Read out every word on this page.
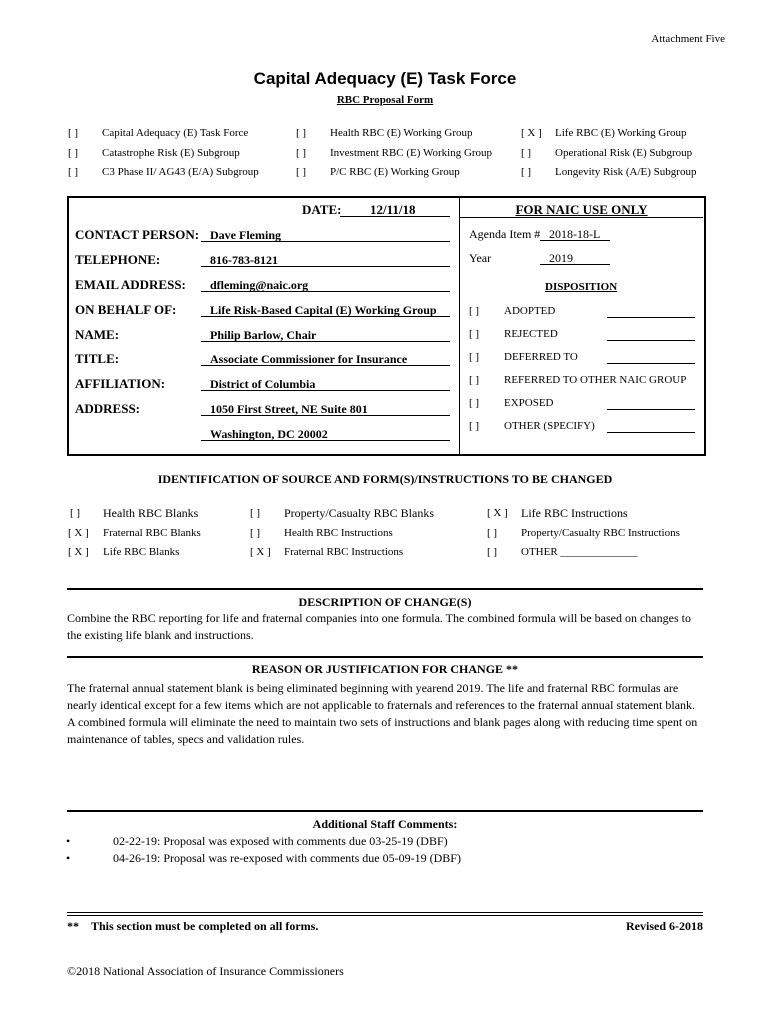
Attachment Five
Capital Adequacy (E) Task Force
RBC Proposal Form
[ ] Capital Adequacy (E) Task Force	[ ] Health RBC (E) Working Group	[ X ] Life RBC (E) Working Group
[ ] Catastrophe Risk (E) Subgroup	[ ] Investment RBC (E) Working Group	[ ] Operational Risk (E) Subgroup
[ ] C3 Phase II/ AG43 (E/A) Subgroup	[ ] P/C RBC (E) Working Group	[ ] Longevity Risk (A/E) Subgroup
DATE: 12/11/18
CONTACT PERSON: Dave Fleming
TELEPHONE:	816-783-8121
EMAIL ADDRESS: dfleming@naic.org
ON BEHALF OF:	Life Risk-Based Capital (E) Working Group
NAME:	Philip Barlow, Chair
TITLE:	Associate Commissioner for Insurance
AFFILIATION:	District of Columbia
ADDRESS:	1050 First Street, NE Suite 801
Washington, DC 20002
FOR NAIC USE ONLY
Agenda Item # 2018-18-L
Year	2019
DISPOSITION
[ ] ADOPTED
[ ] REJECTED
[ ] DEFERRED TO
[ ] REFERRED TO OTHER NAIC GROUP
[ ] EXPOSED
[ ] OTHER (SPECIFY)
IDENTIFICATION OF SOURCE AND FORM(S)/INSTRUCTIONS TO BE CHANGED
[ ] Health RBC Blanks	[ ] Property/Casualty RBC Blanks	[ X ] Life RBC Instructions
[ X ] Fraternal RBC Blanks	[ ] Health RBC Instructions	[ ] Property/Casualty RBC Instructions
[ X ] Life RBC Blanks	[ X ] Fraternal RBC Instructions	[ ] OTHER ______________
DESCRIPTION OF CHANGE(S)
Combine the RBC reporting for life and fraternal companies into one formula. The combined formula will be based on changes to the existing life blank and instructions.
REASON OR JUSTIFICATION FOR CHANGE **
The fraternal annual statement blank is being eliminated beginning with yearend 2019. The life and fraternal RBC formulas are nearly identical except for a few items which are not applicable to fraternals and references to the fraternal annual statement blank. A combined formula will eliminate the need to maintain two sets of instructions and blank pages along with reducing time spent on maintenance of tables, specs and validation rules.
Additional Staff Comments:
•	02-22-19: Proposal was exposed with comments due 03-25-19 (DBF)
•	04-26-19: Proposal was re-exposed with comments due 05-09-19 (DBF)
** This section must be completed on all forms.	Revised 6-2018
©2018 National Association of Insurance Commissioners
